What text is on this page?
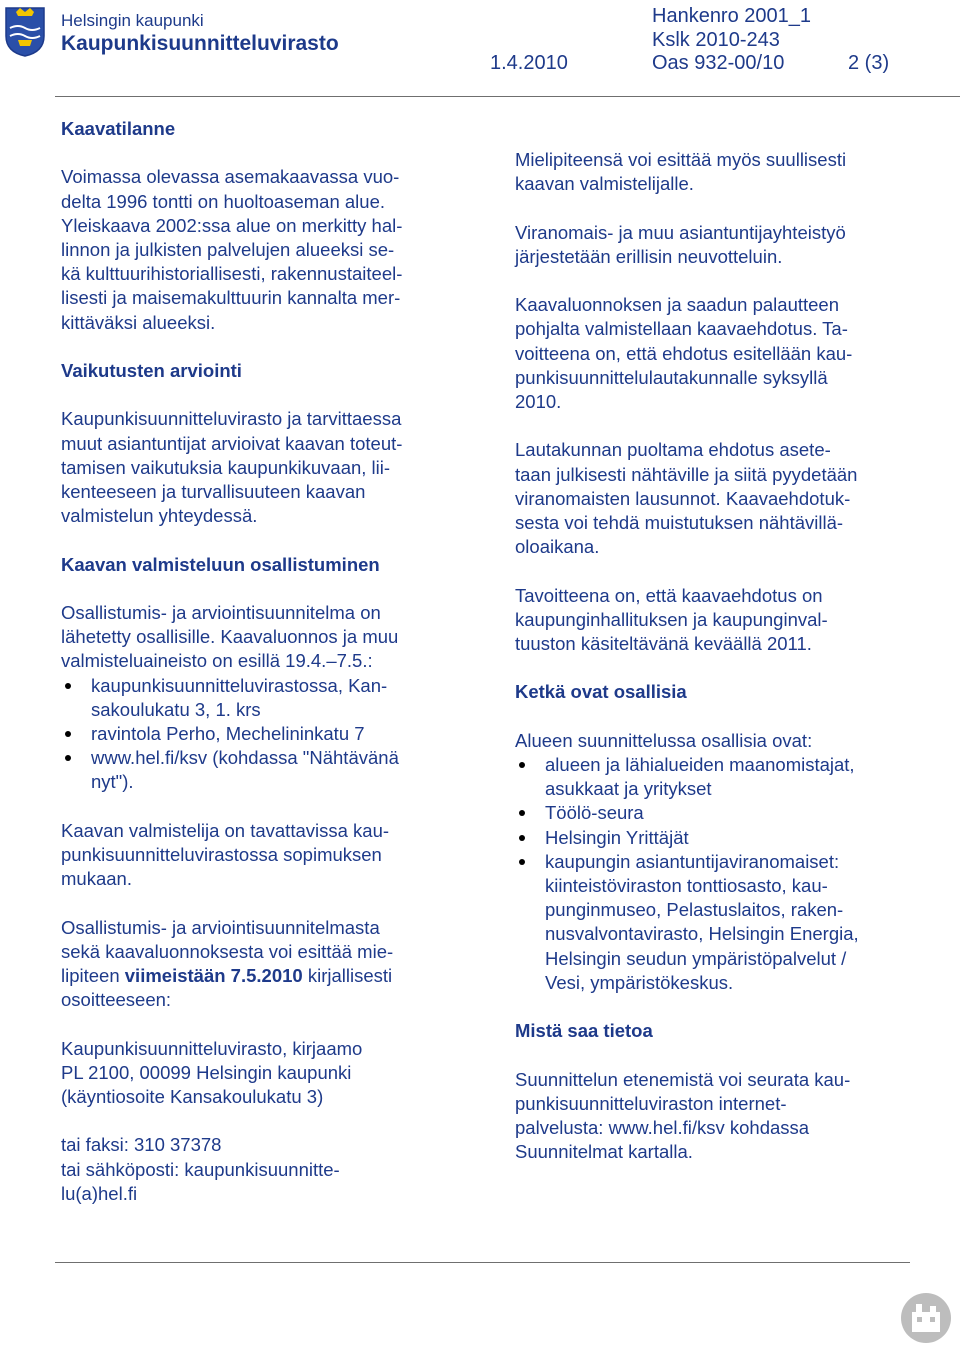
Helsingin kaupunki
Kaupunkisuunnitteluvirasto
Hankenro 2001_1
Kslk 2010-243
1.4.2010	Oas 932-00/10	2 (3)
Kaavatilanne

Voimassa olevassa asemakaavassa vuo-
delta 1996 tontti on huoltoaseman alue.
Yleiskaava 2002:ssa alue on merkitty hal-
linnon ja julkisten palvelujen alueeksi se-
kä kulttuurihistoriallisesti, rakennustaiteel-
lisesti ja maisemakulttuurin kannalta mer-
kittäväksi alueeksi.

Vaikutusten arviointi

Kaupunkisuunnitteluvirasto ja tarvittaessa
muut asiantuntijat arvioivat kaavan toteut-
tamisen vaikutuksia kaupunkikuvaan, lii-
kenteeseen ja turvallisuuteen kaavan
valmistelun yhteydessä.

Kaavan valmisteluun osallistuminen

Osallistumis- ja arviointisuunnitelma on
lähetetty osallisille. Kaavaluonnos ja muu
valmisteluaineisto on esillä 19.4.–7.5.:

kaupunkisuunnitteluvirastossa, Kan-
sakoulukatu 3, 1. krs
ravintola Perho, Mechelininkatu 7
www.hel.fi/ksv (kohdassa "Nähtävänä
nyt").

Kaavan valmistelija on tavattavissa kau-
punkisuunnitteluvirastossa sopimuksen
mukaan.

Osallistumis- ja arviointisuunnitelmasta
sekä kaavaluonnoksesta voi esittää mie-
lipiteen viimeistään 7.5.2010 kirjallisesti
osoitteeseen:

Kaupunkisuunnitteluvirasto, kirjaamo
PL 2100, 00099 Helsingin kaupunki
(käyntiosoite Kansakoulukatu 3)

tai faksi: 310 37378
tai sähköposti: kaupunkisuunnitte-
lu(a)hel.fi

Mielipiteensä voi esittää myös suullisesti
kaavan valmistelijalle.

Viranomais- ja muu asiantuntijayhteistyö
järjestetään erillisin neuvotteluin.

Kaavaluonnoksen ja saadun palautteen
pohjalta valmistellaan kaavaehdotus. Ta-
voitteena on, että ehdotus esitellään kau-
punkisuunnittelulautakunnalle syksyllä
2010.

Lautakunnan puoltama ehdotus asete-
taan julkisesti nähtäville ja siitä pyydetään
viranomaisten lausunnot. Kaavaehdotuk-
sesta voi tehdä muistutuksen nähtävillä-
oloaikana.

Tavoitteena on, että kaavaehdotus on
kaupunginhallituksen ja kaupunginval-
tuuston käsiteltävänä keväällä 2011.

Ketkä ovat osallisia

Alueen suunnittelussa osallisia ovat:

alueen ja lähialueiden maanomistajat,
asukkaat ja yritykset
Töölö-seura
Helsingin Yrittäjät
kaupungin asiantuntijaviranomaiset:
kiinteistöviraston tonttiosasto, kau-
punginmuseo, Pelastuslaitos, raken-
nusvalvontavirasto, Helsingin Energia,
Helsingin seudun ympäristöpalvelut /
Vesi, ympäristökeskus.
Mistä saa tietoa

Suunnittelun etenemistä voi seurata kau-
punkisuunnitteluviraston internet-
palvelusta: www.hel.fi/ksv kohdassa
Suunnitelmat kartalla.
